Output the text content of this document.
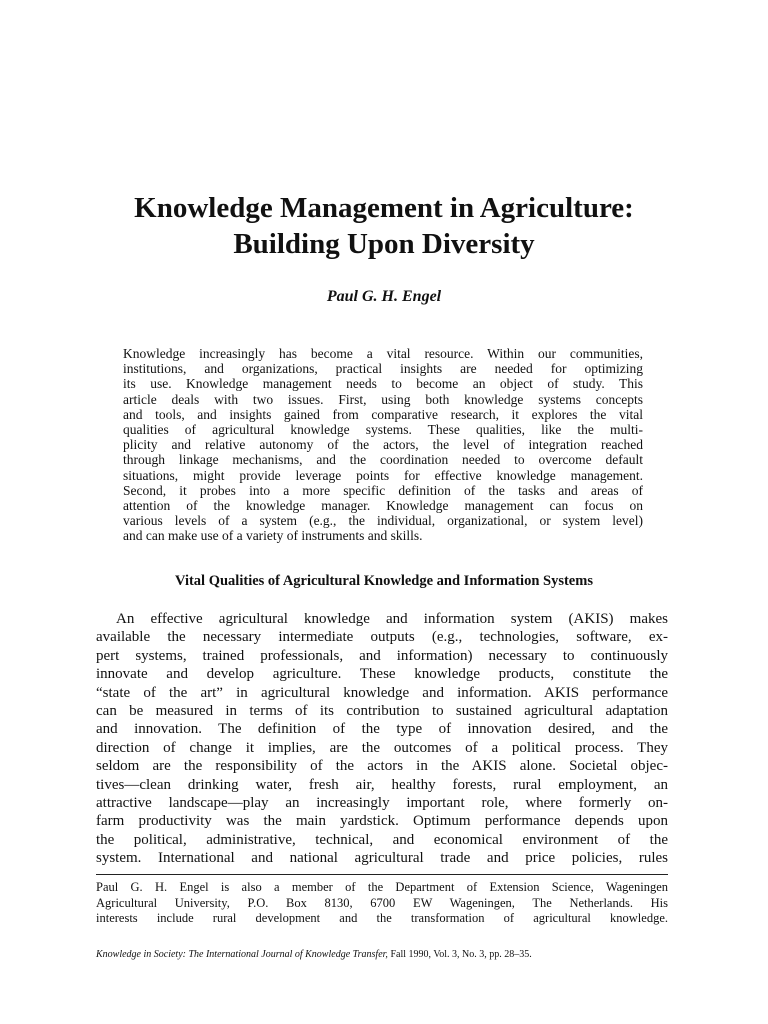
Knowledge Management in Agriculture:
Building Upon Diversity

Paul G. H. Engel

Knowledge increasingly has become a vital resource. Within our communities,
institutions, and organizations, practical insights are needed for optimizing
its use. Knowledge management needs to become an object of study. This
article deals with two issues. First, using both knowledge systems concepts
and tools, and insights gained from comparative research, it explores the vital
qualities of agricultural knowledge systems. These qualities, like the multi-
plicity and relative autonomy of the actors, the level of integration reached
through linkage mechanisms, and the coordination needed to overcome default
situations, might provide leverage points for effective knowledge management.
Second, it probes into a more specific definition of the tasks and areas of
attention of the knowledge manager. Knowledge management can focus on
various levels of a system (e.g., the individual, organizational, or system level)
and can make use of a variety of instruments and skills.
Vital Qualities of Agricultural Knowledge and Information Systems
An effective agricultural knowledge and information system (AKIS) makes
available the necessary intermediate outputs (e.g., technologies, software, ex-
pert systems, trained professionals, and information) necessary to continuously
innovate and develop agriculture. These knowledge products, constitute the
“state of the art” in agricultural knowledge and information. AKIS performance
can be measured in terms of its contribution to sustained agricultural adaptation
and innovation. The definition of the type of innovation desired, and the
direction of change it implies, are the outcomes of a political process. They
seldom are the responsibility of the actors in the AKIS alone. Societal objec-
tives—clean drinking water, fresh air, healthy forests, rural employment, an
attractive landscape—play an increasingly important role, where formerly on-
farm productivity was the main yardstick. Optimum performance depends upon
the political, administrative, technical, and economical environment of the
system. International and national agricultural trade and price policies, rules
Paul G. H. Engel is also a member of the Department of Extension Science, Wageningen
Agricultural University, P.O. Box 8130, 6700 EW Wageningen, The Netherlands. His
interests include rural development and the transformation of agricultural knowledge.

Knowledge in Society: The International Journal of Knowledge Transfer, Fall 1990, Vol. 3, No. 3, pp. 28–35.
